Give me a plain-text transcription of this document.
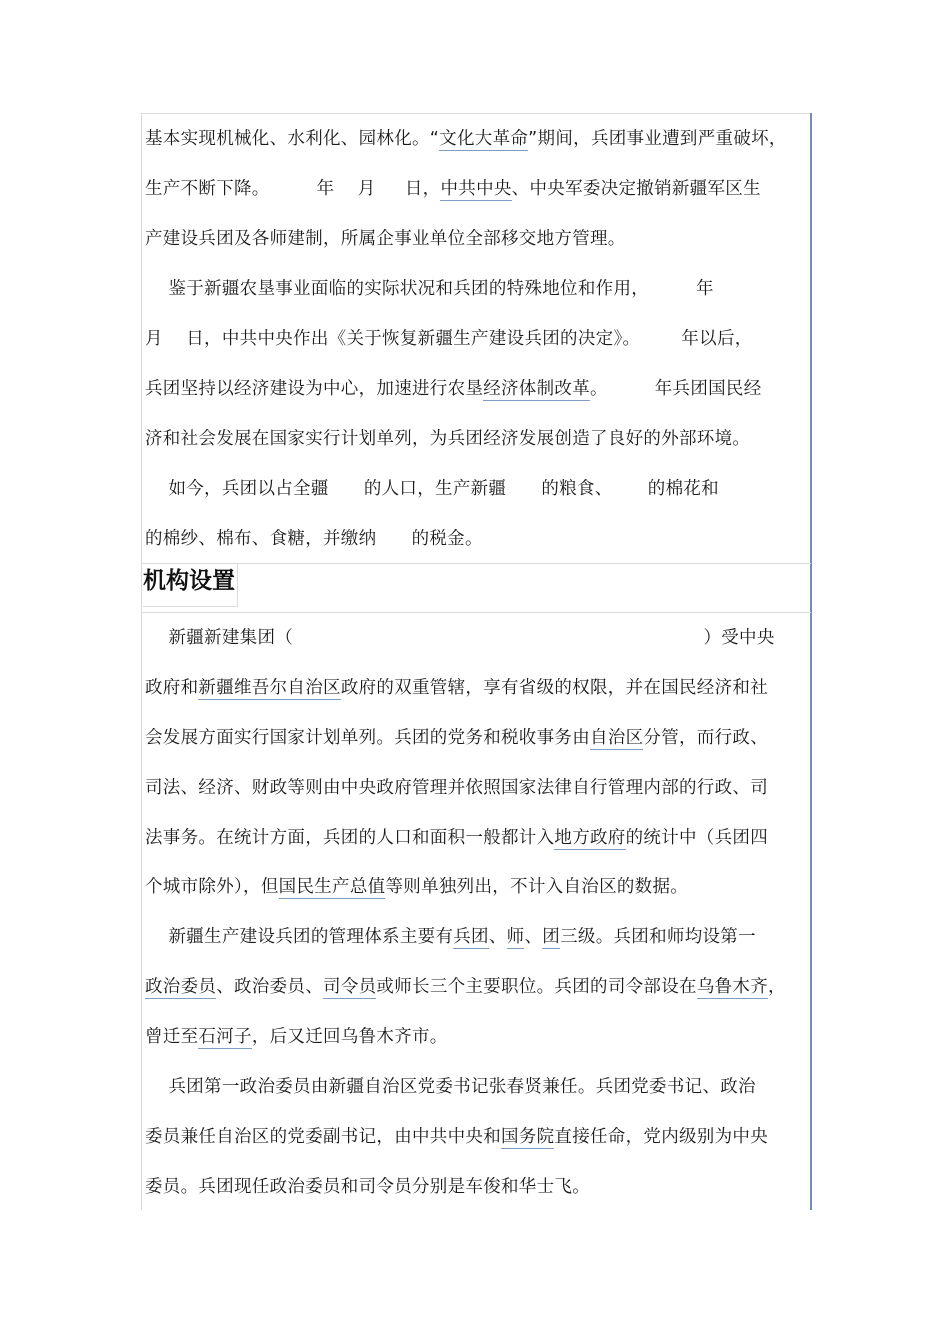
机构设置
基本实现机械化、水利化、园林化。“文化大革命”期间，兵团事业遭到严重破坏，
生产不断下降。        年    月     日，中共中央、中央军委决定撤销新疆军区生
产建设兵团及各师建制，所属企事业单位全部移交地方管理。
鉴于新疆农垦事业面临的实际状况和兵团的特殊地位和作用，        年
月    日，中共中央作出《关于恢复新疆生产建设兵团的决定》。       年以后，
兵团坚持以经济建设为中心，加速进行农垦经济体制改革。        年兵团国民经
济和社会发展在国家实行计划单列，为兵团经济发展创造了良好的外部环境。
如今，兵团以占全疆      的人口，生产新疆      的粮食、      的棉花和
的棉纱、棉布、食糖，并缴纳      的税金。
新疆新建集团（                                                                      ）受中央
政府和新疆维吾尔自治区政府的双重管辖，享有省级的权限，并在国民经济和社
会发展方面实行国家计划单列。兵团的党务和税收事务由自治区分管，而行政、
司法、经济、财政等则由中央政府管理并依照国家法律自行管理内部的行政、司
法事务。在统计方面，兵团的人口和面积一般都计入地方政府的统计中（兵团四
个城市除外），但国民生产总值等则单独列出，不计入自治区的数据。
新疆生产建设兵团的管理体系主要有兵团、师、团三级。兵团和师均设第一
政治委员、政治委员、司令员或师长三个主要职位。兵团的司令部设在乌鲁木齐，
曾迁至石河子，后又迁回乌鲁木齐市。
兵团第一政治委员由新疆自治区党委书记张春贤兼任。兵团党委书记、政治
委员兼任自治区的党委副书记，由中共中央和国务院直接任命，党内级别为中央
委员。兵团现任政治委员和司令员分别是车俊和华士飞。
